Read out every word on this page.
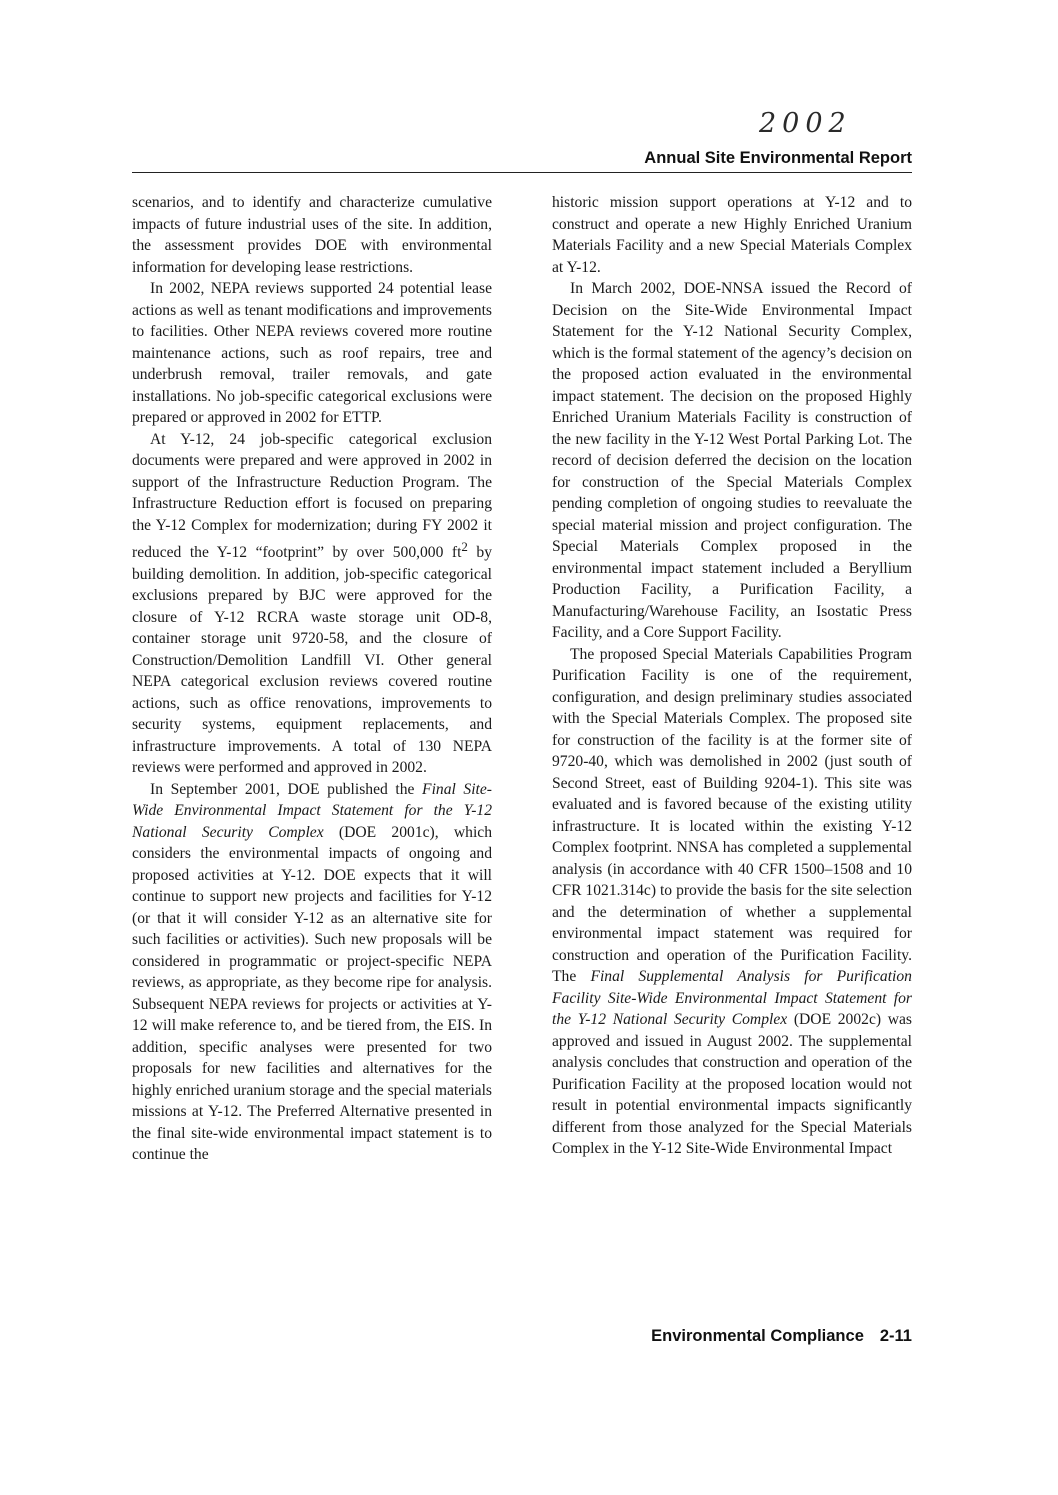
2002
Annual Site Environmental Report

scenarios, and to identify and characterize cumulative impacts of future industrial uses of the site. In addition, the assessment provides DOE with environmental information for developing lease restrictions.

In 2002, NEPA reviews supported 24 potential lease actions as well as tenant modifications and improvements to facilities. Other NEPA reviews covered more routine maintenance actions, such as roof repairs, tree and underbrush removal, trailer removals, and gate installations. No job-specific categorical exclusions were prepared or approved in 2002 for ETTP.

At Y-12, 24 job-specific categorical exclusion documents were prepared and were approved in 2002 in support of the Infrastructure Reduction Program. The Infrastructure Reduction effort is focused on preparing the Y-12 Complex for modernization; during FY 2002 it reduced the Y-12 “footprint” by over 500,000 $ft^2$ by building demolition. In addition, job-specific categorical exclusions prepared by BJC were approved for the closure of Y-12 RCRA waste storage unit OD-8, container storage unit 9720-58, and the closure of Construction/Demolition Landfill VI. Other general NEPA categorical exclusion reviews covered routine actions, such as office renovations, improvements to security systems, equipment replacements, and infrastructure improvements. A total of 130 NEPA reviews were performed and approved in 2002.

In September 2001, DOE published the Final Site-Wide Environmental Impact Statement for the Y-12 National Security Complex (DOE 2001c), which considers the environmental impacts of ongoing and proposed activities at Y-12. DOE expects that it will continue to support new projects and facilities for Y-12 (or that it will consider Y-12 as an alternative site for such facilities or activities). Such new proposals will be considered in programmatic or project-specific NEPA reviews, as appropriate, as they become ripe for analysis. Subsequent NEPA reviews for projects or activities at Y-12 will make reference to, and be tiered from, the EIS. In addition, specific analyses were presented for two proposals for new facilities and alternatives for the highly enriched uranium storage and the special materials missions at Y-12. The Preferred Alternative presented in the final site-wide environmental impact statement is to continue the

historic mission support operations at Y-12 and to construct and operate a new Highly Enriched Uranium Materials Facility and a new Special Materials Complex at Y-12.

In March 2002, DOE-NNSA issued the Record of Decision on the Site-Wide Environmental Impact Statement for the Y-12 National Security Complex, which is the formal statement of the agency’s decision on the proposed action evaluated in the environmental impact statement. The decision on the proposed Highly Enriched Uranium Materials Facility is construction of the new facility in the Y-12 West Portal Parking Lot. The record of decision deferred the decision on the location for construction of the Special Materials Complex pending completion of ongoing studies to reevaluate the special material mission and project configuration. The Special Materials Complex proposed in the environmental impact statement included a Beryllium Production Facility, a Purification Facility, a Manufacturing/Warehouse Facility, an Isostatic Press Facility, and a Core Support Facility.

The proposed Special Materials Capabilities Program Purification Facility is one of the requirement, configuration, and design preliminary studies associated with the Special Materials Complex. The proposed site for construction of the facility is at the former site of 9720-40, which was demolished in 2002 (just south of Second Street, east of Building 9204-1). This site was evaluated and is favored because of the existing utility infrastructure. It is located within the existing Y-12 Complex footprint. NNSA has completed a supplemental analysis (in accordance with 40 CFR 1500–1508 and 10 CFR 1021.314c) to provide the basis for the site selection and the determination of whether a supplemental environmental impact statement was required for construction and operation of the Purification Facility. The Final Supplemental Analysis for Purification Facility Site-Wide Environmental Impact Statement for the Y-12 National Security Complex (DOE 2002c) was approved and issued in August 2002. The supplemental analysis concludes that construction and operation of the Purification Facility at the proposed location would not result in potential environmental impacts significantly different from those analyzed for the Special Materials Complex in the Y-12 Site-Wide Environmental Impact

Environmental Compliance 2-11
